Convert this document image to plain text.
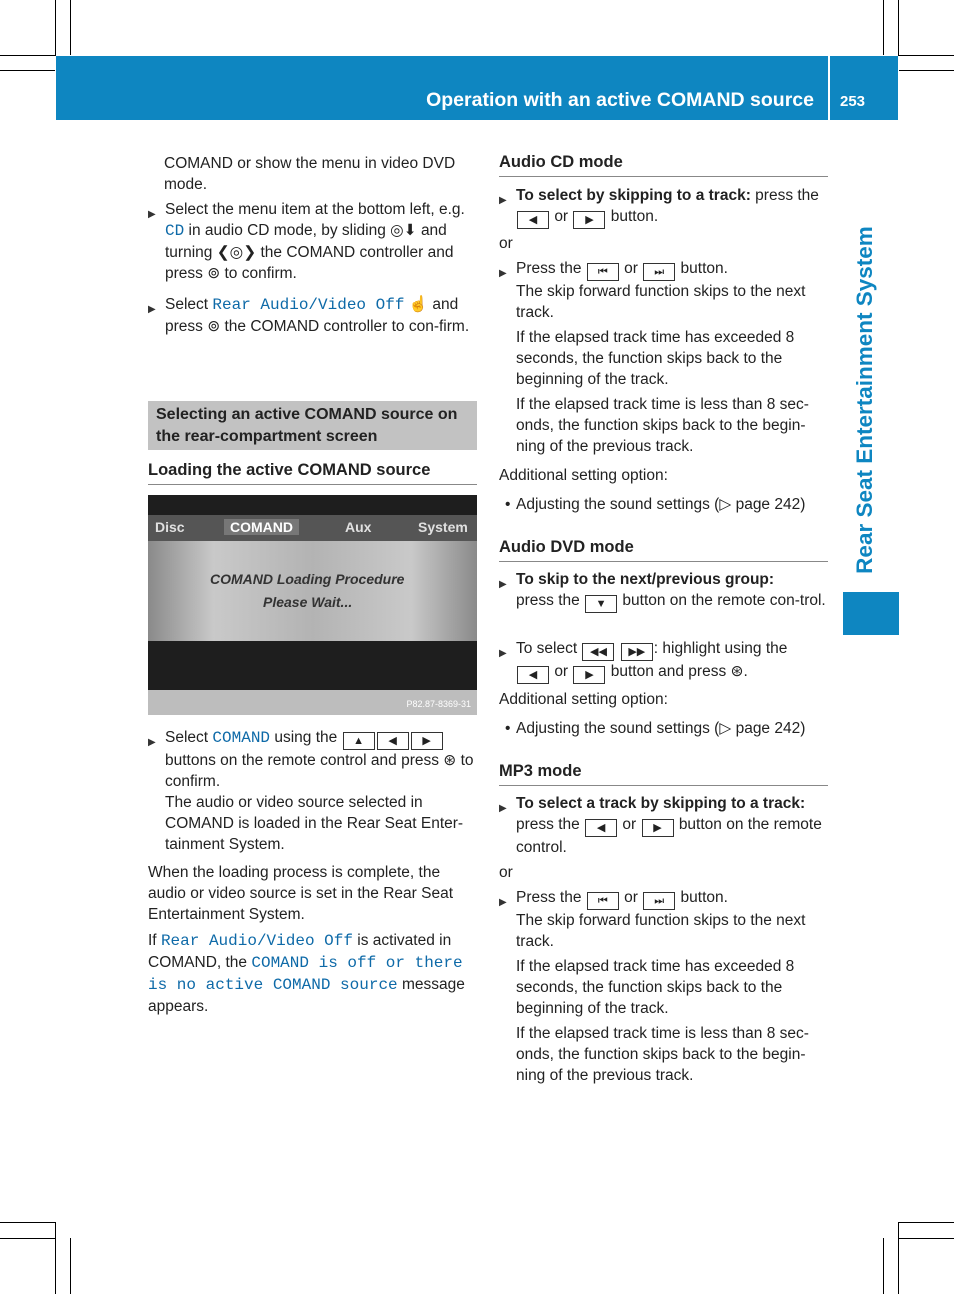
Operation with an active COMAND source 253
Rear Seat Entertainment System
COMAND or show the menu in video DVD mode.
▶ Select the menu item at the bottom left, e.g. CD in audio CD mode, by sliding ◎⬇ and turning ❮◎❯ the COMAND controller and press ⊚ to confirm.
▶ Select Rear Audio/Video Off ☝ and press ⊚ the COMAND controller to con-firm.
Selecting an active COMAND source on the rear-compartment screen
Loading the active COMAND source
Disc	COMAND	Aux	System
COMAND Loading Procedure
Please Wait...
P82.87-8369-31
▶ Select COMAND using the ▲ ◀ ▶ buttons on the remote control and press ⊛ to confirm.
The audio or video source selected in COMAND is loaded in the Rear Seat Enter-tainment System.
When the loading process is complete, the audio or video source is set in the Rear Seat Entertainment System.
If Rear Audio/Video Off is activated in COMAND, the COMAND is off or there is no active COMAND source message appears.
Audio CD mode
▶ To select by skipping to a track: press the ◀ or ▶ button.
or
▶ Press the ⏮ or ⏭ button.
The skip forward function skips to the next track.
If the elapsed track time has exceeded 8 seconds, the function skips back to the beginning of the track.
If the elapsed track time is less than 8 sec-onds, the function skips back to the begin-ning of the previous track.
Additional setting option:
• Adjusting the sound settings (▷ page 242)
Audio DVD mode
▶ To skip to the next/previous group:
press the ▼ button on the remote con-trol.
▶ To select ◀◀ ▶▶ : highlight using the
◀ or ▶ button and press ⊛.
Additional setting option:
• Adjusting the sound settings (▷ page 242)
MP3 mode
▶ To select a track by skipping to a track:
press the ◀ or ▶ button on the remote control.
or
▶ Press the ⏮ or ⏭ button.
The skip forward function skips to the next track.
If the elapsed track time has exceeded 8 seconds, the function skips back to the beginning of the track.
If the elapsed track time is less than 8 sec-onds, the function skips back to the begin-ning of the previous track.
